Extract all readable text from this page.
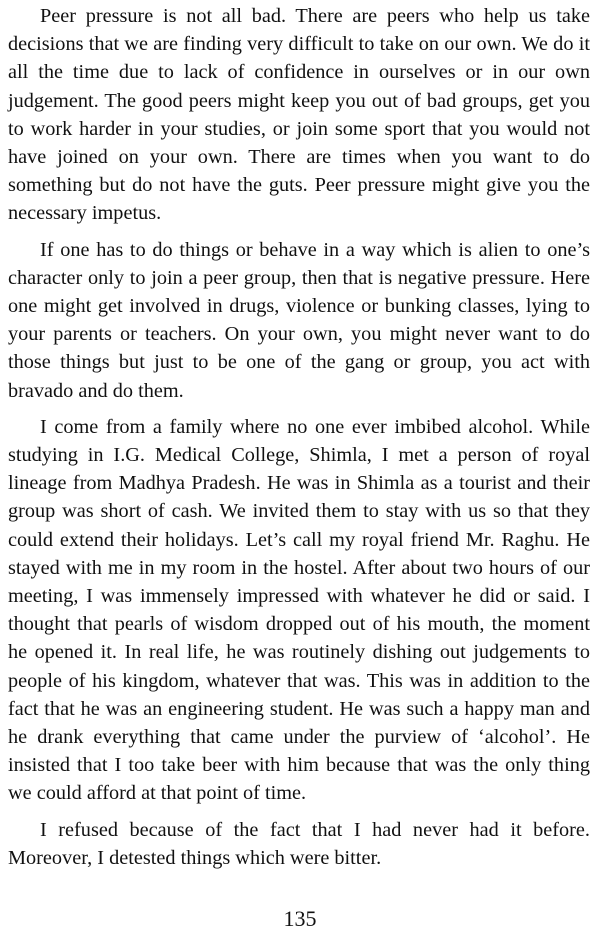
Peer pressure is not all bad. There are peers who help us take decisions that we are finding very difficult to take on our own. We do it all the time due to lack of confidence in ourselves or in our own judgement. The good peers might keep you out of bad groups, get you to work harder in your studies, or join some sport that you would not have joined on your own. There are times when you want to do something but do not have the guts. Peer pressure might give you the necessary impetus.

If one has to do things or behave in a way which is alien to one’s character only to join a peer group, then that is negative pressure. Here one might get involved in drugs, violence or bunking classes, lying to your parents or teachers. On your own, you might never want to do those things but just to be one of the gang or group, you act with bravado and do them.

I come from a family where no one ever imbibed alcohol. While studying in I.G. Medical College, Shimla, I met a person of royal lineage from Madhya Pradesh. He was in Shimla as a tourist and their group was short of cash. We invited them to stay with us so that they could extend their holidays. Let’s call my royal friend Mr. Raghu. He stayed with me in my room in the hostel. After about two hours of our meeting, I was immensely impressed with whatever he did or said. I thought that pearls of wisdom dropped out of his mouth, the moment he opened it. In real life, he was routinely dishing out judgements to people of his kingdom, whatever that was. This was in addition to the fact that he was an engineering student. He was such a happy man and he drank everything that came under the purview of ‘alcohol’. He insisted that I too take beer with him because that was the only thing we could afford at that point of time.

I refused because of the fact that I had never had it before. Moreover, I detested things which were bitter.

135
